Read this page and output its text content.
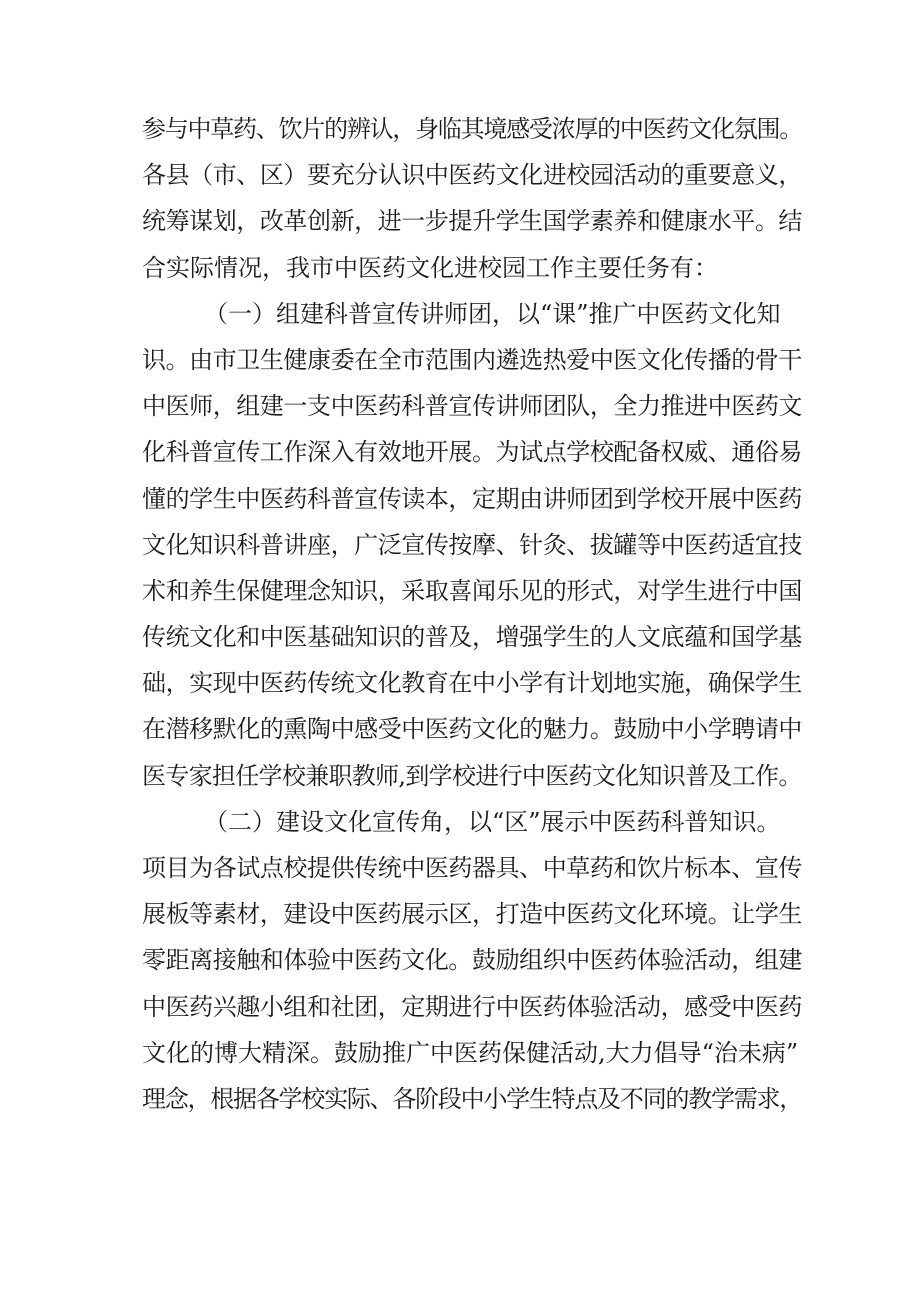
参与中草药、饮片的辨认，身临其境感受浓厚的中医药文化氛围。
各县（市、区）要充分认识中医药文化进校园活动的重要意义，
统筹谋划，改革创新，进一步提升学生国学素养和健康水平。结
合实际情况，我市中医药文化进校园工作主要任务有：
（一）组建科普宣传讲师团，以“课”推广中医药文化知
识。由市卫生健康委在全市范围内遴选热爱中医文化传播的骨干
中医师，组建一支中医药科普宣传讲师团队，全力推进中医药文
化科普宣传工作深入有效地开展。为试点学校配备权威、通俗易
懂的学生中医药科普宣传读本，定期由讲师团到学校开展中医药
文化知识科普讲座，广泛宣传按摩、针灸、拔罐等中医药适宜技
术和养生保健理念知识，采取喜闻乐见的形式，对学生进行中国
传统文化和中医基础知识的普及，增强学生的人文底蕴和国学基
础，实现中医药传统文化教育在中小学有计划地实施，确保学生
在潜移默化的熏陶中感受中医药文化的魅力。鼓励中小学聘请中
医专家担任学校兼职教师,到学校进行中医药文化知识普及工作。
（二）建设文化宣传角，以“区”展示中医药科普知识。
项目为各试点校提供传统中医药器具、中草药和饮片标本、宣传
展板等素材，建设中医药展示区，打造中医药文化环境。让学生
零距离接触和体验中医药文化。鼓励组织中医药体验活动，组建
中医药兴趣小组和社团，定期进行中医药体验活动，感受中医药
文化的博大精深。鼓励推广中医药保健活动,大力倡导“治未病”
理念，根据各学校实际、各阶段中小学生特点及不同的教学需求，
